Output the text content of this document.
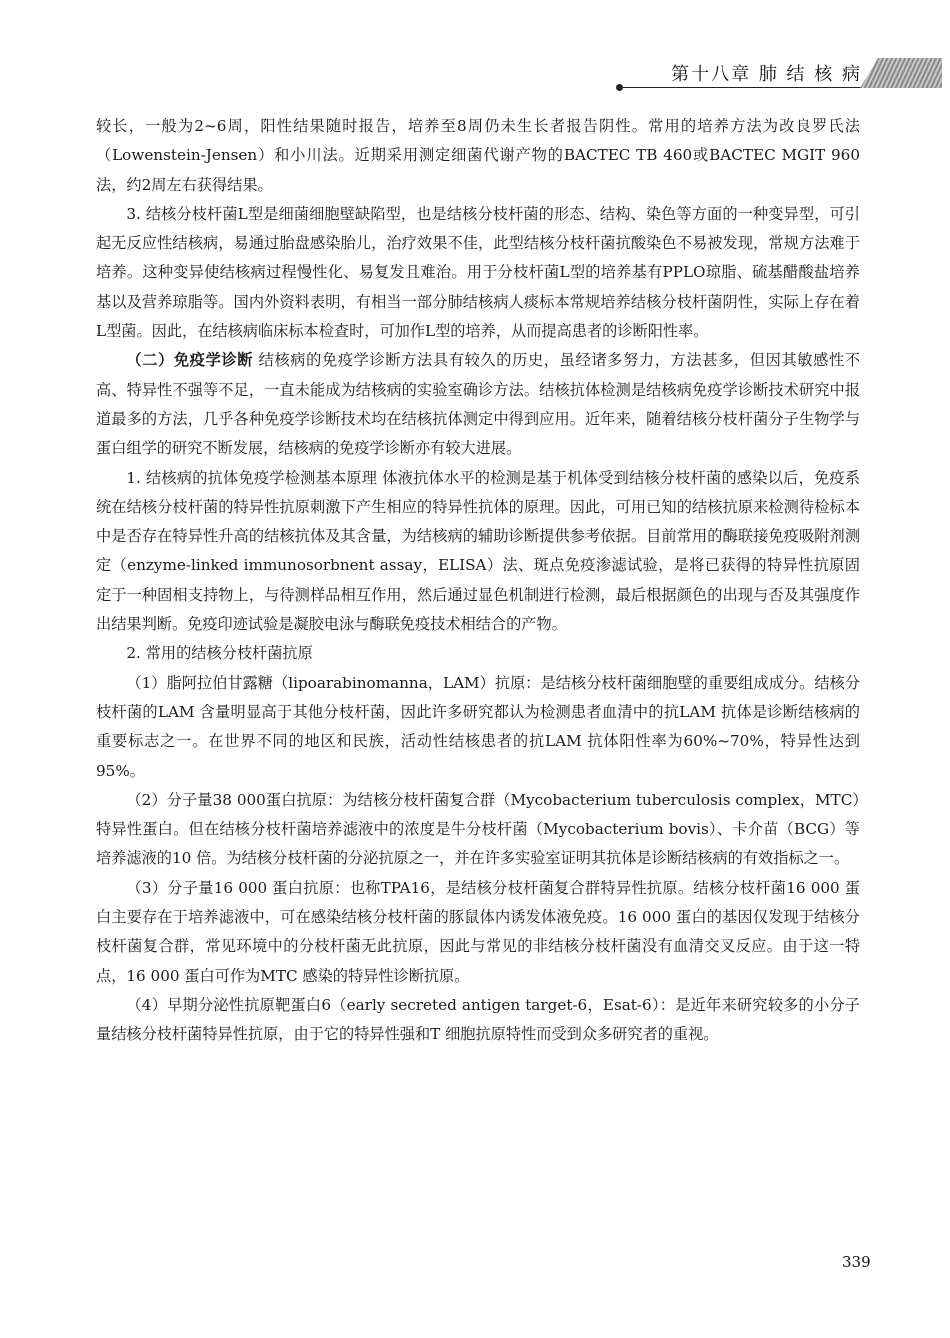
第十八章 肺 结 核 病

较长，一般为2~6周，阳性结果随时报告，培养至8周仍未生长者报告阴性。常用的培养方法为改良罗氏法（Lowenstein-Jensen）和小川法。近期采用测定细菌代谢产物的BACTEC TB 460或BACTEC MGIT 960法，约2周左右获得结果。

3. 结核分枝杆菌L型是细菌细胞壁缺陷型，也是结核分枝杆菌的形态、结构、染色等方面的一种变异型，可引起无反应性结核病，易通过胎盘感染胎儿，治疗效果不佳，此型结核分枝杆菌抗酸染色不易被发现，常规方法难于培养。这种变异使结核病过程慢性化、易复发且难治。用于分枝杆菌L型的培养基有PPLO琼脂、硫基醋酸盐培养基以及营养琼脂等。国内外资料表明，有相当一部分肺结核病人痰标本常规培养结核分枝杆菌阴性，实际上存在着L型菌。因此，在结核病临床标本检查时，可加作L型的培养，从而提高患者的诊断阳性率。

（二）免疫学诊断 结核病的免疫学诊断方法具有较久的历史，虽经诸多努力，方法甚多，但因其敏感性不高、特异性不强等不足，一直未能成为结核病的实验室确诊方法。结核抗体检测是结核病免疫学诊断技术研究中报道最多的方法，几乎各种免疫学诊断技术均在结核抗体测定中得到应用。近年来，随着结核分枝杆菌分子生物学与蛋白组学的研究不断发展，结核病的免疫学诊断亦有较大进展。

1. 结核病的抗体免疫学检测基本原理 体液抗体水平的检测是基于机体受到结核分枝杆菌的感染以后，免疫系统在结核分枝杆菌的特异性抗原刺激下产生相应的特异性抗体的原理。因此，可用已知的结核抗原来检测待检标本中是否存在特异性升高的结核抗体及其含量，为结核病的辅助诊断提供参考依据。目前常用的酶联接免疫吸附剂测定（enzyme-linked immunosorbnent assay，ELISA）法、斑点免疫渗滤试验，是将已获得的特异性抗原固定于一种固相支持物上，与待测样品相互作用，然后通过显色机制进行检测，最后根据颜色的出现与否及其强度作出结果判断。免疫印迹试验是凝胶电泳与酶联免疫技术相结合的产物。

2. 常用的结核分枝杆菌抗原

（1）脂阿拉伯甘露糖（lipoarabinomanna，LAM）抗原：是结核分枝杆菌细胞壁的重要组成成分。结核分枝杆菌的LAM 含量明显高于其他分枝杆菌，因此许多研究都认为检测患者血清中的抗LAM 抗体是诊断结核病的重要标志之一。在世界不同的地区和民族，活动性结核患者的抗LAM 抗体阳性率为60%~70%，特异性达到95%。

（2）分子量38 000蛋白抗原：为结核分枝杆菌复合群（Mycobacterium tuberculosis complex，MTC）特异性蛋白。但在结核分枝杆菌培养滤液中的浓度是牛分枝杆菌（Mycobacterium bovis）、卡介苗（BCG）等培养滤液的10 倍。为结核分枝杆菌的分泌抗原之一，并在许多实验室证明其抗体是诊断结核病的有效指标之一。

（3）分子量16 000 蛋白抗原：也称TPA16，是结核分枝杆菌复合群特异性抗原。结核分枝杆菌16 000 蛋白主要存在于培养滤液中，可在感染结核分枝杆菌的豚鼠体内诱发体液免疫。16 000 蛋白的基因仅发现于结核分枝杆菌复合群，常见环境中的分枝杆菌无此抗原，因此与常见的非结核分枝杆菌没有血清交叉反应。由于这一特点，16 000 蛋白可作为MTC 感染的特异性诊断抗原。

（4）早期分泌性抗原靶蛋白6（early secreted antigen target-6，Esat-6）：是近年来研究较多的小分子量结核分枝杆菌特异性抗原，由于它的特异性强和T 细胞抗原特性而受到众多研究者的重视。

339
